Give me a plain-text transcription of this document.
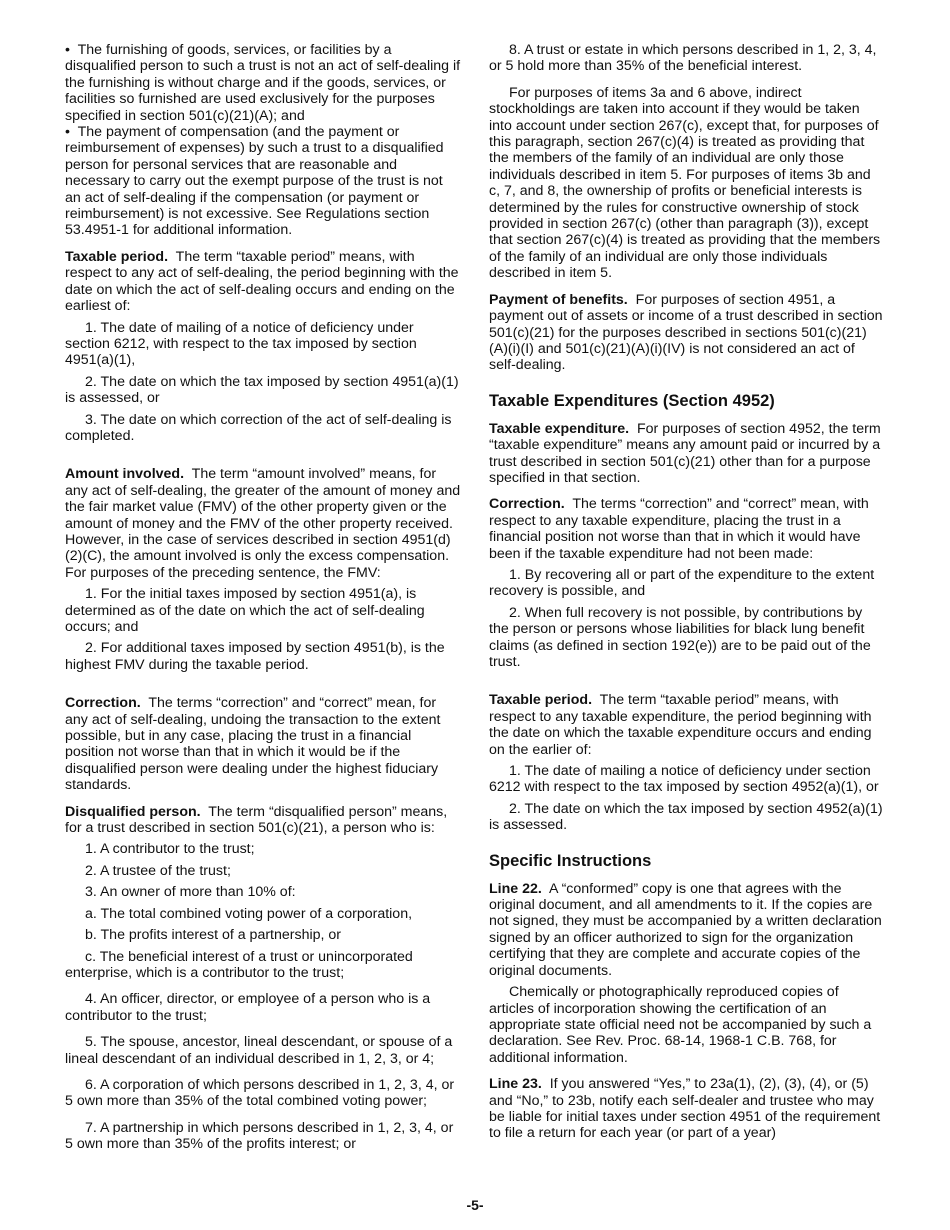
•  The furnishing of goods, services, or facilities by a disqualified person to such a trust is not an act of self-dealing if the furnishing is without charge and if the goods, services, or facilities so furnished are used exclusively for the purposes specified in section 501(c)(21)(A); and

•  The payment of compensation (and the payment or reimbursement of expenses) by such a trust to a disqualified person for personal services that are reasonable and necessary to carry out the exempt purpose of the trust is not an act of self-dealing if the compensation (or payment or reimbursement) is not excessive. See Regulations section 53.4951-1 for additional information.

Taxable period. The term “taxable period” means, with respect to any act of self-dealing, the period beginning with the date on which the act of self-dealing occurs and ending on the earliest of:

1. The date of mailing of a notice of deficiency under section 6212, with respect to the tax imposed by section 4951(a)(1),

2. The date on which the tax imposed by section 4951(a)(1) is assessed, or

3. The date on which correction of the act of self-dealing is completed.

Amount involved. The term “amount involved” means, for any act of self-dealing, the greater of the amount of money and the fair market value (FMV) of the other property given or the amount of money and the FMV of the other property received. However, in the case of services described in section 4951(d)(2)(C), the amount involved is only the excess compensation. For purposes of the preceding sentence, the FMV:

1. For the initial taxes imposed by section 4951(a), is determined as of the date on which the act of self-dealing occurs; and

2. For additional taxes imposed by section 4951(b), is the highest FMV during the taxable period.

Correction. The terms “correction” and “correct” mean, for any act of self-dealing, undoing the transaction to the extent possible, but in any case, placing the trust in a financial position not worse than that in which it would be if the disqualified person were dealing under the highest fiduciary standards.

Disqualified person. The term “disqualified person” means, for a trust described in section 501(c)(21), a person who is:

1. A contributor to the trust;

2. A trustee of the trust;

3. An owner of more than 10% of:

a. The total combined voting power of a corporation,

b. The profits interest of a partnership, or

c. The beneficial interest of a trust or unincorporated enterprise, which is a contributor to the trust;

4. An officer, director, or employee of a person who is a contributor to the trust;

5. The spouse, ancestor, lineal descendant, or spouse of a lineal descendant of an individual described in 1, 2, 3, or 4;

6. A corporation of which persons described in 1, 2, 3, 4, or 5 own more than 35% of the total combined voting power;

7. A partnership in which persons described in 1, 2, 3, 4, or 5 own more than 35% of the profits interest; or

8. A trust or estate in which persons described in 1, 2, 3, 4, or 5 hold more than 35% of the beneficial interest.

For purposes of items 3a and 6 above, indirect stockholdings are taken into account if they would be taken into account under section 267(c), except that, for purposes of this paragraph, section 267(c)(4) is treated as providing that the members of the family of an individual are only those individuals described in item 5. For purposes of items 3b and c, 7, and 8, the ownership of profits or beneficial interests is determined by the rules for constructive ownership of stock provided in section 267(c) (other than paragraph (3)), except that section 267(c)(4) is treated as providing that the members of the family of an individual are only those individuals described in item 5.

Payment of benefits. For purposes of section 4951, a payment out of assets or income of a trust described in section 501(c)(21) for the purposes described in sections 501(c)(21)(A)(i)(I) and 501(c)(21)(A)(i)(IV) is not considered an act of self-dealing.

Taxable Expenditures (Section 4952)

Taxable expenditure. For purposes of section 4952, the term “taxable expenditure” means any amount paid or incurred by a trust described in section 501(c)(21) other than for a purpose specified in that section.

Correction. The terms “correction” and “correct” mean, with respect to any taxable expenditure, placing the trust in a financial position not worse than that in which it would have been if the taxable expenditure had not been made:

1. By recovering all or part of the expenditure to the extent recovery is possible, and

2. When full recovery is not possible, by contributions by the person or persons whose liabilities for black lung benefit claims (as defined in section 192(e)) are to be paid out of the trust.

Taxable period. The term “taxable period” means, with respect to any taxable expenditure, the period beginning with the date on which the taxable expenditure occurs and ending on the earlier of:

1. The date of mailing a notice of deficiency under section 6212 with respect to the tax imposed by section 4952(a)(1), or

2. The date on which the tax imposed by section 4952(a)(1) is assessed.

Specific Instructions

Line 22. A “conformed” copy is one that agrees with the original document, and all amendments to it. If the copies are not signed, they must be accompanied by a written declaration signed by an officer authorized to sign for the organization certifying that they are complete and accurate copies of the original documents.

Chemically or photographically reproduced copies of articles of incorporation showing the certification of an appropriate state official need not be accompanied by such a declaration. See Rev. Proc. 68-14, 1968-1 C.B. 768, for additional information.

Line 23. If you answered “Yes,” to 23a(1), (2), (3), (4), or (5) and “No,” to 23b, notify each self-dealer and trustee who may be liable for initial taxes under section 4951 of the requirement to file a return for each year (or part of a year)

-5-
